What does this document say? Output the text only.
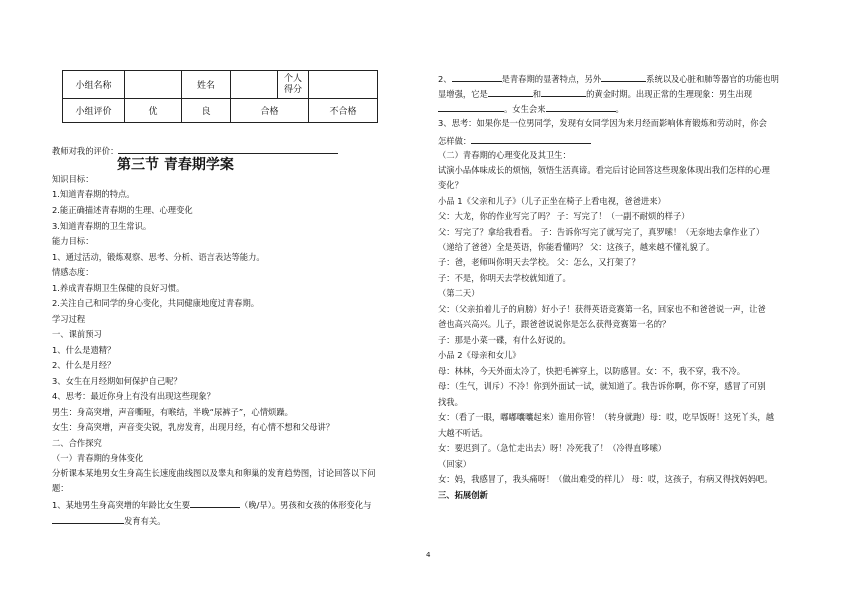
小组名称		姓名		个人得分	
小组评价	优	良	合格		不合格
教师对我的评价：
第三节 青春期学案
知识目标：
1.知道青春期的特点。
2.能正确描述青春期的生理、心理变化
3.知道青春期的卫生常识。
能力目标：
1、通过活动，锻炼观察、思考、分析、语言表达等能力。
情感态度：
1.养成青春期卫生保健的良好习惯。
2.关注自己和同学的身心变化，共同健康地度过青春期。
学习过程
一、课前预习
1、什么是遗精？
2、什么是月经？
3、女生在月经期如何保护自己呢？
4、思考：最近你身上有没有出现这些现象？
男生：身高突增，声音嘶哑，有喉结，半晚“尿裤子”，心情烦躁。
女生：身高突增，声音变尖锐，乳房发育，出现月经，有心情不想和父母讲？
二、合作探究
（一）青春期的身体变化
分析课本某地男女生身高生长速度曲线图以及睾丸和卵巢的发育趋势图，讨论回答以下问
题：
1、某地男生身高突增的年龄比女生要	（晚/早）。男孩和女孩的体形变化与
发育有关。
2、	是青春期的显著特点，另外	系统以及心脏和肺等器官的功能也明
显增强，它是	和	的黄金时期。出现正常的生理现象：男生出现
。女生会来	。
3、思考：如果你是一位男同学，发现有女同学因为来月经而影响体育锻炼和劳动时，你会
怎样做：
（二）青春期的心理变化及其卫生：
试演小品体味成长的烦恼，领悟生活真谛。看完后讨论回答这些现象体现出我们怎样的心理
变化？
小品 1《父亲和儿子》（儿子正坐在椅子上看电视，爸爸进来）
父：大龙，你的作业写完了吗？ 子：写完了！（一副不耐烦的样子）
父：写完了？拿给我看看。 子：告诉你写完了就写完了，真罗嗦！（无奈地去拿作业了）
（递给了爸爸）全是英语，你能看懂吗？ 父：这孩子，越来越不懂礼貌了。
子：爸，老师叫你明天去学校。 父：怎么，又打架了？
子：不是，你明天去学校就知道了。
（第二天）
父：（父亲拍着儿子的肩膀）好小子！获得英语竞赛第一名，回家也不和爸爸说一声，让爸
爸也高兴高兴。儿子，跟爸爸说说你是怎么获得竞赛第一名的？
子：那是小菜一碟，有什么好说的。
小品 2《母亲和女儿》
母：林林，今天外面太冷了，快把毛裤穿上，以防感冒。女：不，我不穿，我不冷。
母：（生气，训斥）不冷！你到外面试一试，就知道了。我告诉你啊，你不穿，感冒了可别
找我。
女：（看了一眼，嘟嘟囔囔起来）谁用你管！（转身就跑）母：哎，吃早饭呀！这死丫头，越
大越不听话。
女：要迟到了。（急忙走出去）呀！冷死我了！（冷得直哆嗦）
（回家）
女：妈，我感冒了，我头痛呀！（做出难受的样儿） 母：哎，这孩子，有病又得找妈妈吧。
三、拓展创新
4
